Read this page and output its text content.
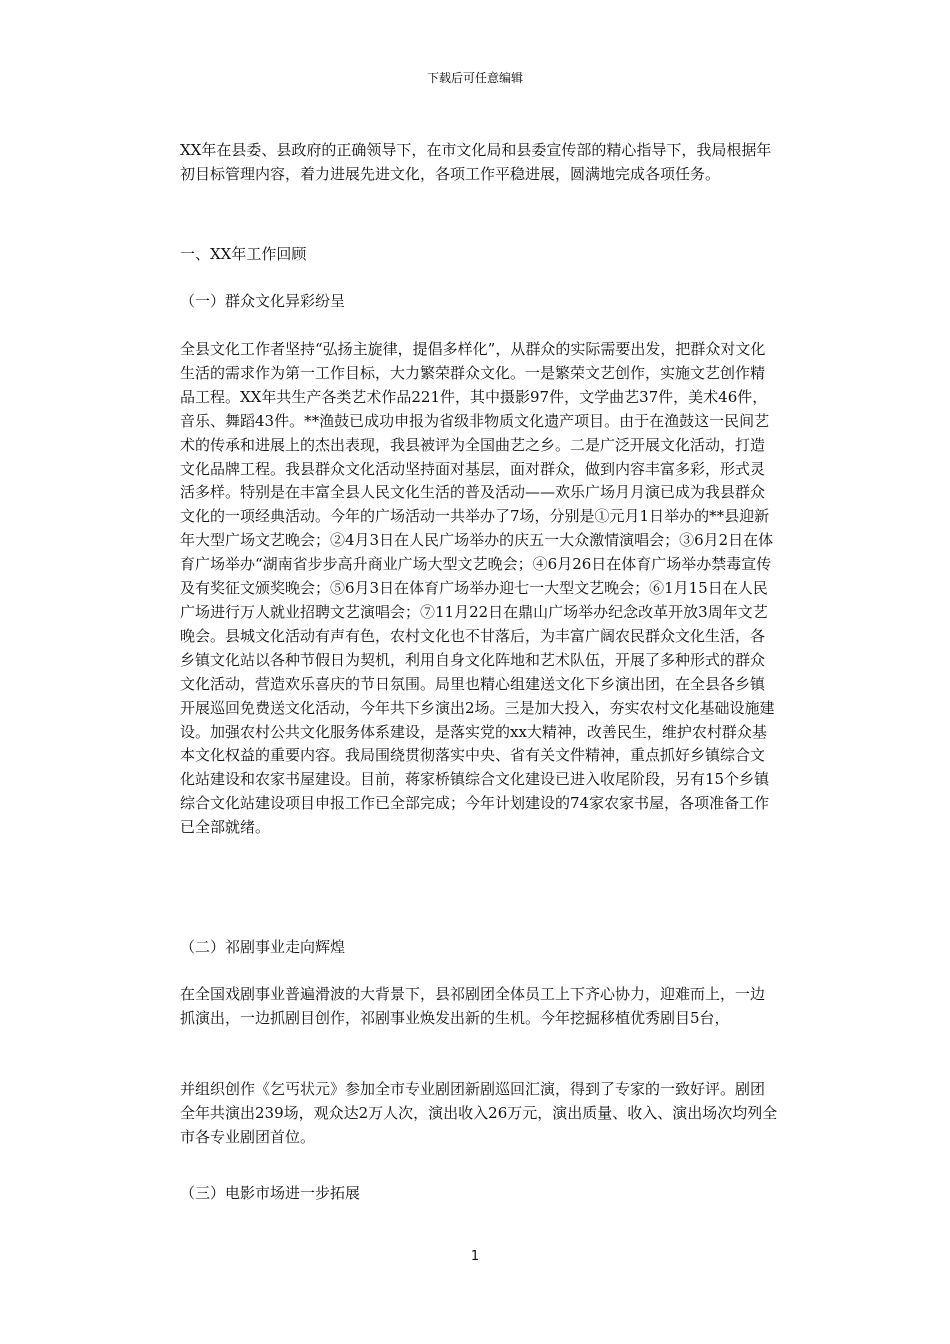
下载后可任意编辑

XX年在县委、县政府的正确领导下，在市文化局和县委宣传部的精心指导下，我局根据年初目标管理内容，着力进展先进文化，各项工作平稳进展，圆满地完成各项任务。

一、XX年工作回顾

（一）群众文化异彩纷呈

全县文化工作者坚持“弘扬主旋律，提倡多样化”，从群众的实际需要出发，把群众对文化生活的需求作为第一工作目标，大力繁荣群众文化。一是繁荣文艺创作，实施文艺创作精品工程。XX年共生产各类艺术作品221件，其中摄影97件，文学曲艺37件，美术46件，音乐、舞蹈43件。**渔鼓已成功申报为省级非物质文化遗产项目。由于在渔鼓这一民间艺术的传承和进展上的杰出表现，我县被评为全国曲艺之乡。二是广泛开展文化活动，打造文化品牌工程。我县群众文化活动坚持面对基层，面对群众，做到内容丰富多彩，形式灵活多样。特别是在丰富全县人民文化生活的普及活动——欢乐广场月月演已成为我县群众文化的一项经典活动。今年的广场活动一共举办了7场，分别是①元月1日举办的**县迎新年大型广场文艺晚会；②4月3日在人民广场举办的庆五一大众激情演唱会；③6月2日在体育广场举办“湖南省步步高升商业广场大型文艺晚会；④6月26日在体育广场举办禁毒宣传及有奖征文颁奖晚会；⑤6月3日在体育广场举办迎七一大型文艺晚会；⑥1月15日在人民广场进行万人就业招聘文艺演唱会；⑦11月22日在鼎山广场举办纪念改革开放3周年文艺晚会。县城文化活动有声有色，农村文化也不甘落后，为丰富广阔农民群众文化生活，各乡镇文化站以各种节假日为契机，利用自身文化阵地和艺术队伍，开展了多种形式的群众文化活动，营造欢乐喜庆的节日氛围。局里也精心组建送文化下乡演出团，在全县各乡镇开展巡回免费送文化活动，今年共下乡演出2场。三是加大投入，夯实农村文化基础设施建设。加强农村公共文化服务体系建设，是落实党的xx大精神，改善民生，维护农村群众基本文化权益的重要内容。我局围绕贯彻落实中央、省有关文件精神，重点抓好乡镇综合文化站建设和农家书屋建设。目前，蒋家桥镇综合文化建设已进入收尾阶段，另有15个乡镇综合文化站建设项目申报工作已全部完成；今年计划建设的74家农家书屋，各项准备工作已全部就绪。

（二）祁剧事业走向辉煌

在全国戏剧事业普遍滑波的大背景下，县祁剧团全体员工上下齐心协力，迎难而上，一边抓演出，一边抓剧目创作，祁剧事业焕发出新的生机。今年挖掘移植优秀剧目5台，

并组织创作《乞丐状元》参加全市专业剧团新剧巡回汇演，得到了专家的一致好评。剧团全年共演出239场，观众达2万人次，演出收入26万元，演出质量、收入、演出场次均列全市各专业剧团首位。

（三）电影市场进一步拓展

1
